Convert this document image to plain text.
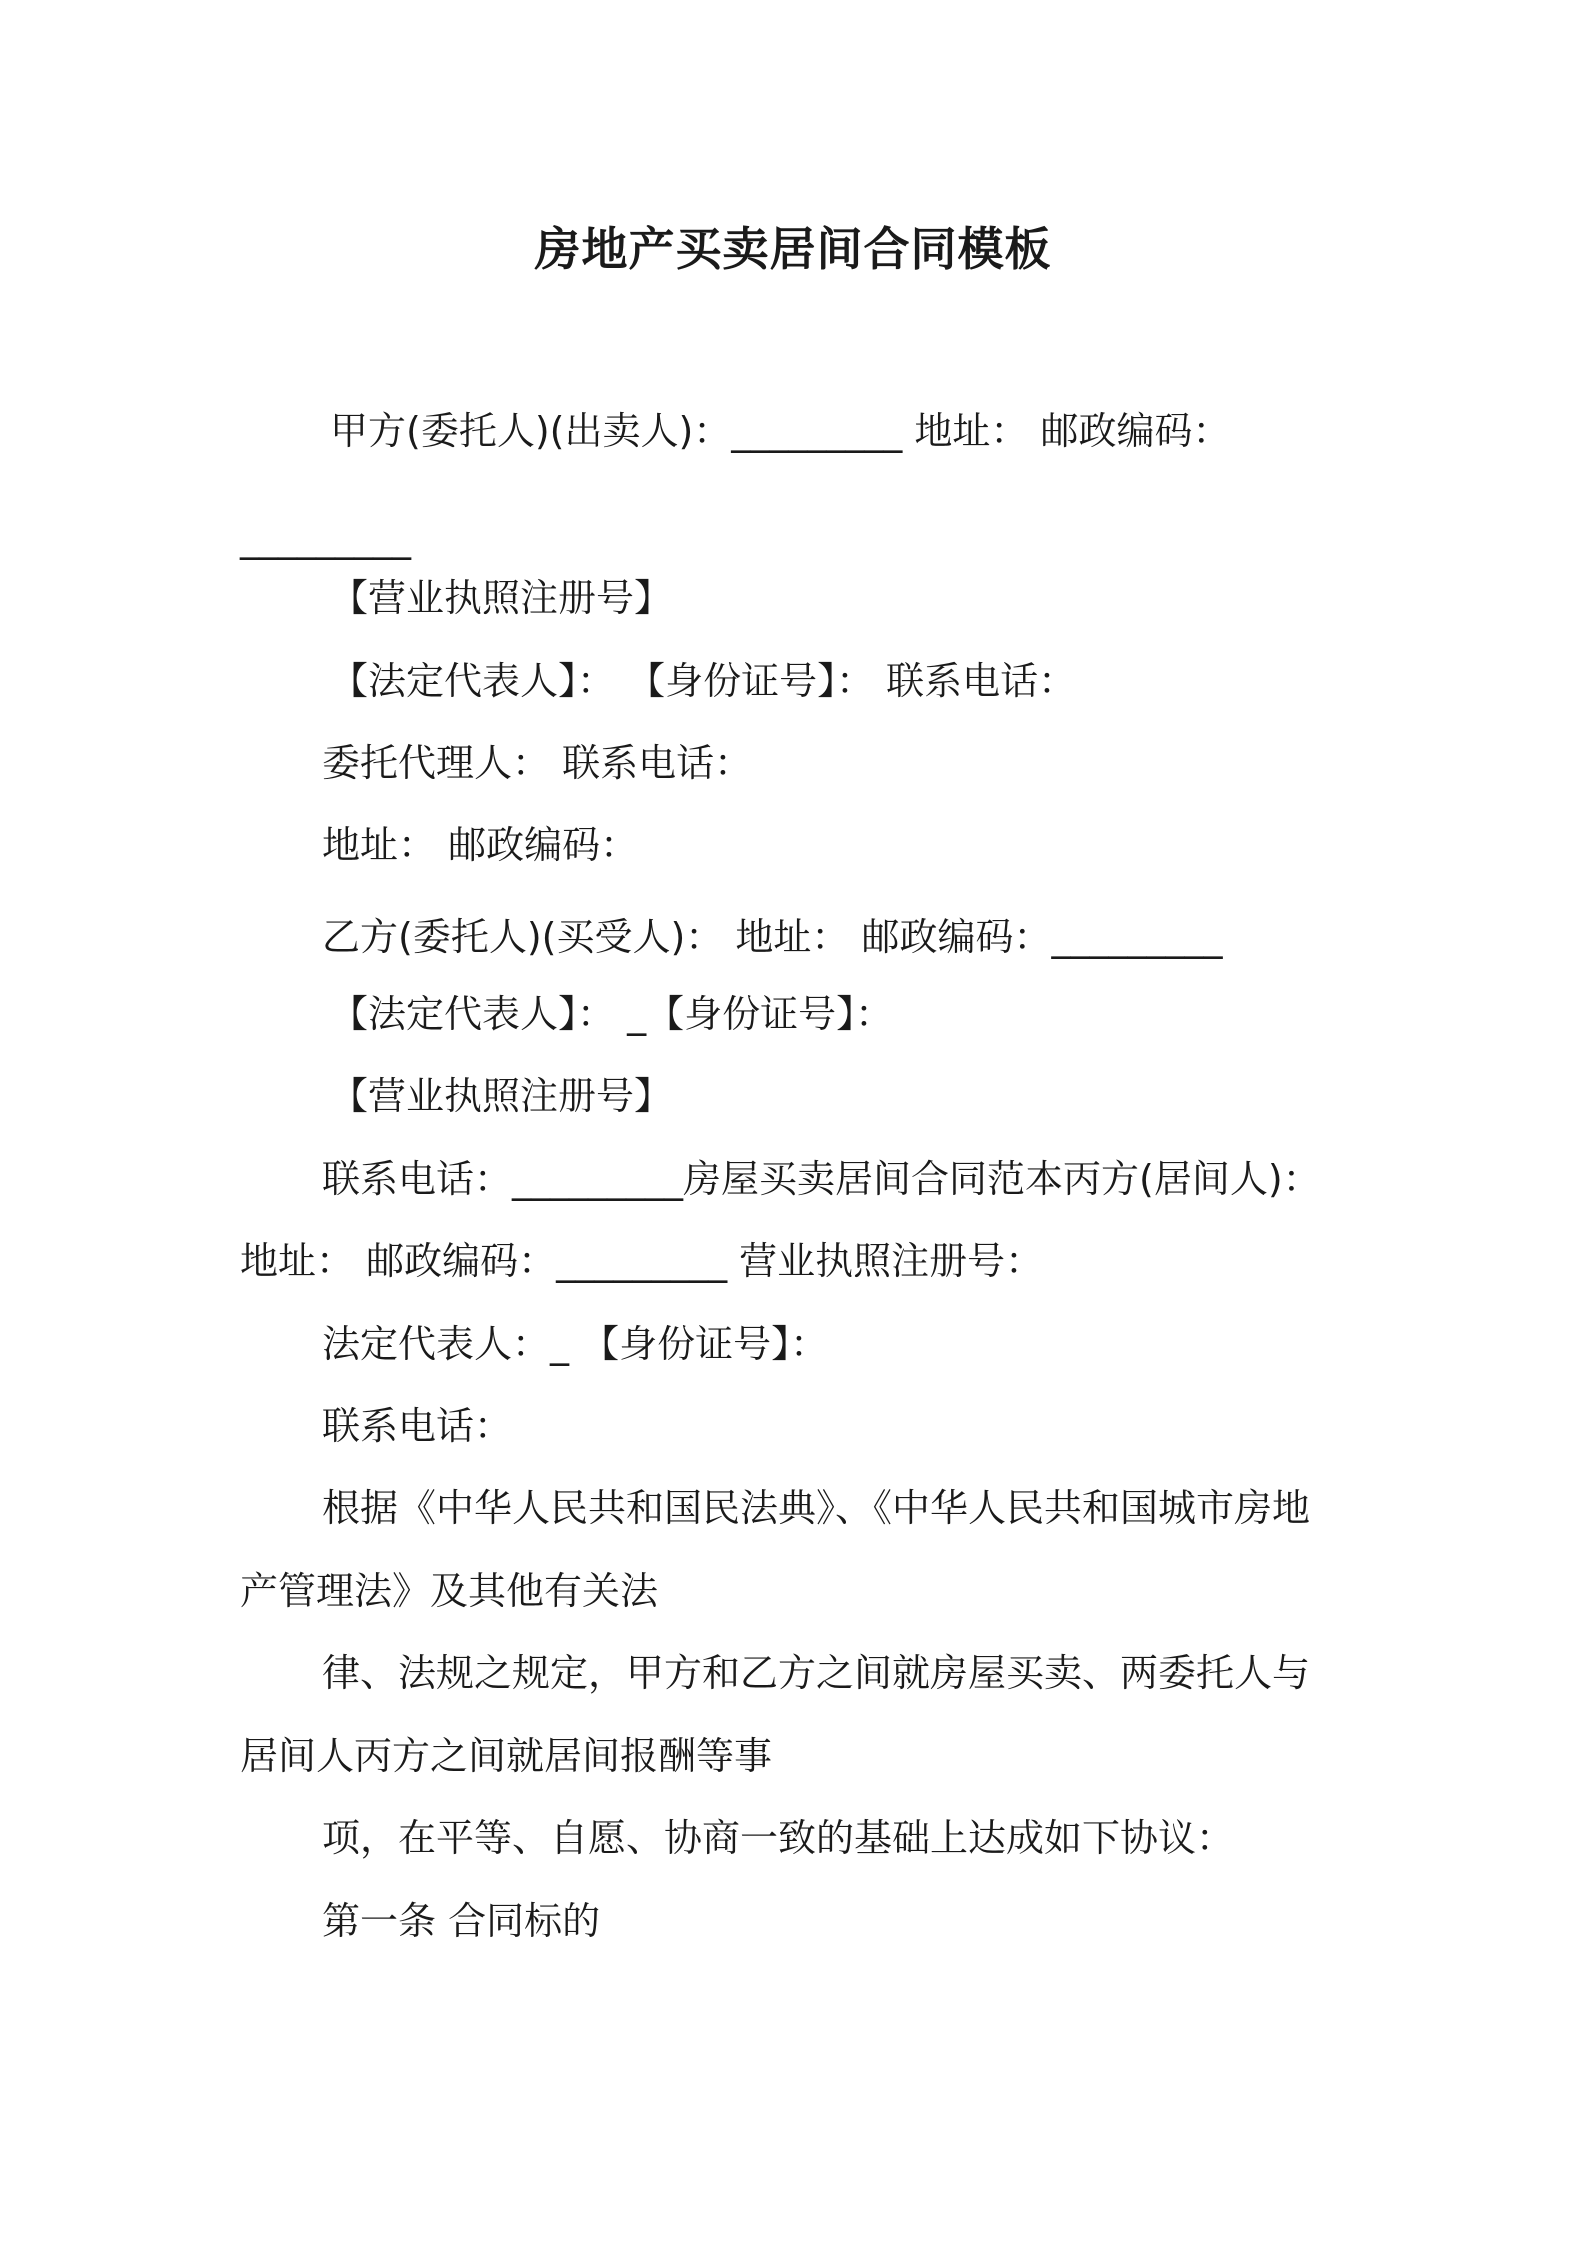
房地产买卖居间合同模板

甲方(委托人)(出卖人)：_________ 地址： 邮政编码：

_________

【营业执照注册号】

【法定代表人】： 【身份证号】： 联系电话：

委托代理人： 联系电话：

地址： 邮政编码：

乙方(委托人)(买受人)： 地址： 邮政编码：_________

【法定代表人】： _【身份证号】：

【营业执照注册号】

联系电话：_________房屋买卖居间合同范本丙方(居间人)：

地址： 邮政编码：_________ 营业执照注册号：

法定代表人：_ 【身份证号】：

联系电话：

根据《中华人民共和国民法典》、《中华人民共和国城市房地

产管理法》及其他有关法

律、法规之规定，甲方和乙方之间就房屋买卖、两委托人与

居间人丙方之间就居间报酬等事

项，在平等、自愿、协商一致的基础上达成如下协议：

第一条 合同标的
